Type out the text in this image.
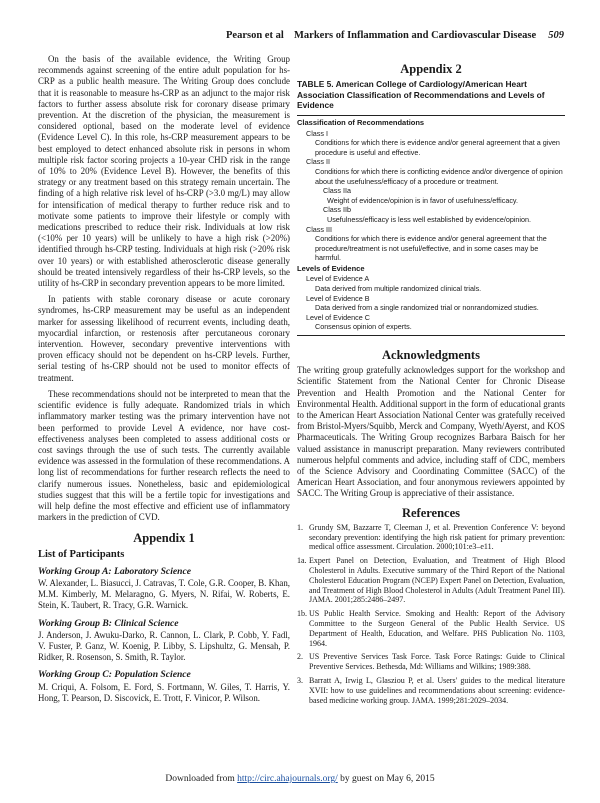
Pearson et al Markers of Inflammation and Cardiovascular Disease 509

On the basis of the available evidence, the Writing Group recommends against screening of the entire adult population for hs-CRP as a public health measure. The Writing Group does conclude that it is reasonable to measure hs-CRP as an adjunct to the major risk factors to further assess absolute risk for coronary disease primary prevention. At the discretion of the physician, the measurement is considered optional, based on the moderate level of evidence (Evidence Level C). In this role, hs-CRP measurement appears to be best employed to detect enhanced absolute risk in persons in whom multiple risk factor scoring projects a 10-year CHD risk in the range of 10% to 20% (Evidence Level B). However, the benefits of this strategy or any treatment based on this strategy remain uncertain. The finding of a high relative risk level of hs-CRP (>3.0 mg/L) may allow for intensification of medical therapy to further reduce risk and to motivate some patients to improve their lifestyle or comply with medications prescribed to reduce their risk. Individuals at low risk (<10% per 10 years) will be unlikely to have a high risk (>20%) identified through hs-CRP testing. Individuals at high risk (>20% risk over 10 years) or with established atherosclerotic disease generally should be treated intensively regardless of their hs-CRP levels, so the utility of hs-CRP in secondary prevention appears to be more limited.

In patients with stable coronary disease or acute coronary syndromes, hs-CRP measurement may be useful as an independent marker for assessing likelihood of recurrent events, including death, myocardial infarction, or restenosis after percutaneous coronary intervention. However, secondary preventive interventions with proven efficacy should not be dependent on hs-CRP levels. Further, serial testing of hs-CRP should not be used to monitor effects of treatment.

These recommendations should not be interpreted to mean that the scientific evidence is fully adequate. Randomized trials in which inflammatory marker testing was the primary intervention have not been performed to provide Level A evidence, nor have cost-effectiveness analyses been completed to assess additional costs or cost savings through the use of such tests. The currently available evidence was assessed in the formulation of these recommendations. A long list of recommendations for further research reflects the need to clarify numerous issues. Nonetheless, basic and epidemiological studies suggest that this will be a fertile topic for investigations and will help define the most effective and efficient use of inflammatory markers in the prediction of CVD.

Appendix 1
List of Participants
Working Group A: Laboratory Science
W. Alexander, L. Biasucci, J. Catravas, T. Cole, G.R. Cooper, B. Khan, M.M. Kimberly, M. Melaragno, G. Myers, N. Rifai, W. Roberts, E. Stein, K. Taubert, R. Tracy, G.R. Warnick.
Working Group B: Clinical Science
J. Anderson, J. Awuku-Darko, R. Cannon, L. Clark, P. Cobb, Y. Fadl, V. Fuster, P. Ganz, W. Koenig, P. Libby, S. Lipshultz, G. Mensah, P. Ridker, R. Rosenson, S. Smith, R. Taylor.
Working Group C: Population Science
M. Criqui, A. Folsom, E. Ford, S. Fortmann, W. Giles, T. Harris, Y. Hong, T. Pearson, D. Siscovick, E. Trott, F. Vinicor, P. Wilson.
Appendix 2
TABLE 5. American College of Cardiology/American Heart Association Classification of Recommendations and Levels of Evidence
Classification of Recommendations
Class I
Conditions for which there is evidence and/or general agreement that a given procedure is useful and effective.
Class II
Conditions for which there is conflicting evidence and/or divergence of opinion about the usefulness/efficacy of a procedure or treatment.
Class IIa
Weight of evidence/opinion is in favor of usefulness/efficacy.
Class IIb
Usefulness/efficacy is less well established by evidence/opinion.
Class III
Conditions for which there is evidence and/or general agreement that the procedure/treatment is not useful/effective, and in some cases may be harmful.
Levels of Evidence
Level of Evidence A
Data derived from multiple randomized clinical trials.
Level of Evidence B
Data derived from a single randomized trial or nonrandomized studies.
Level of Evidence C
Consensus opinion of experts.
Acknowledgments

The writing group gratefully acknowledges support for the workshop and Scientific Statement from the National Center for Chronic Disease Prevention and Health Promotion and the National Center for Environmental Health. Additional support in the form of educational grants to the American Heart Association National Center was gratefully received from Bristol-Myers/Squibb, Merck and Company, Wyeth/Ayerst, and KOS Pharmaceuticals. The Writing Group recognizes Barbara Baisch for her valued assistance in manuscript preparation. Many reviewers contributed numerous helpful comments and advice, including staff of CDC, members of the Science Advisory and Coordinating Committee (SACC) of the American Heart Association, and four anonymous reviewers appointed by SACC. The Writing Group is appreciative of their assistance.

References
1. Grundy SM, Bazzarre T, Cleeman J, et al. Prevention Conference V: beyond secondary prevention: identifying the high risk patient for primary prevention: medical office assessment. Circulation. 2000;101:e3–e11.
1a. Expert Panel on Detection, Evaluation, and Treatment of High Blood Cholesterol in Adults. Executive summary of the Third Report of the National Cholesterol Education Program (NCEP) Expert Panel on Detection, Evaluation, and Treatment of High Blood Cholesterol in Adults (Adult Treatment Panel III). JAMA. 2001;285:2486–2497.
1b. US Public Health Service. Smoking and Health: Report of the Advisory Committee to the Surgeon General of the Public Health Service. US Department of Health, Education, and Welfare. PHS Publication No. 1103, 1964.
2. US Preventive Services Task Force. Task Force Ratings: Guide to Clinical Preventive Services. Bethesda, Md: Williams and Wilkins; 1989:388.
3. Barratt A, Irwig L, Glasziou P, et al. Users' guides to the medical literature XVII: how to use guidelines and recommendations about screening: evidence-based medicine working group. JAMA. 1999;281:2029–2034.
Downloaded from http://circ.ahajournals.org/ by guest on May 6, 2015
